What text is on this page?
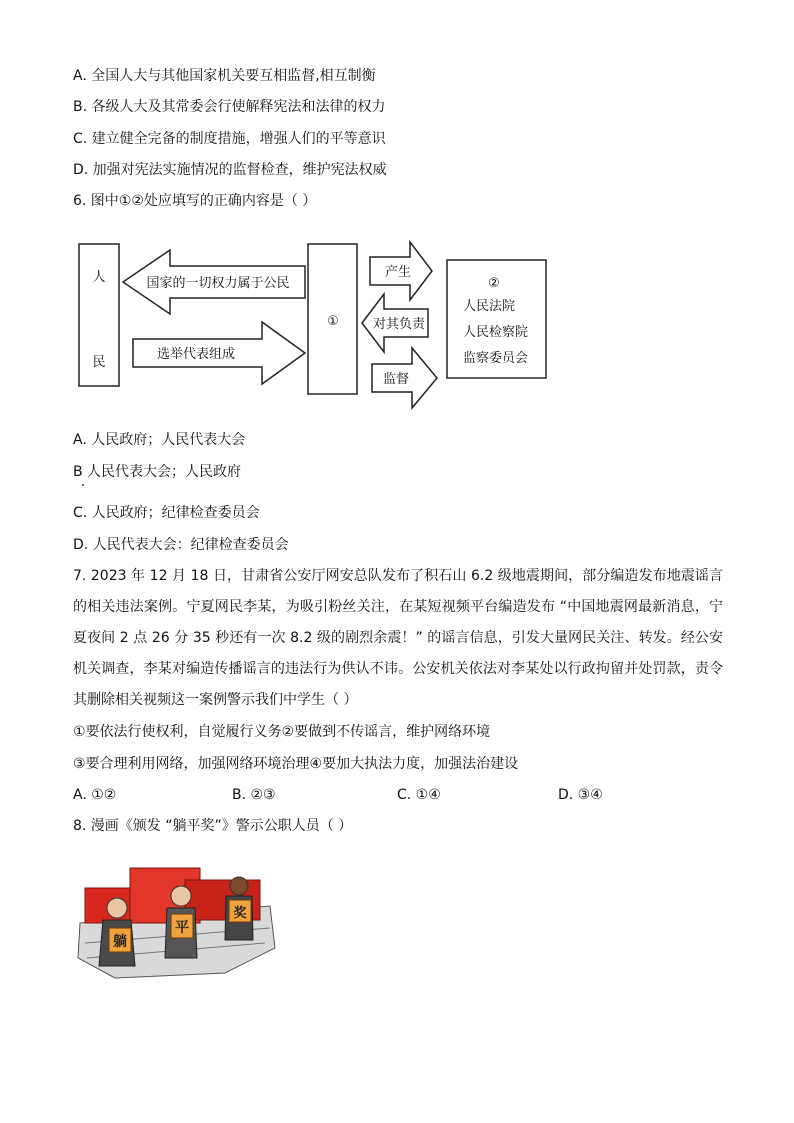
A. 全国人大与其他国家机关要互相监督,相互制衡
B. 各级人大及其常委会行使解释宪法和法律的权力
C. 建立健全完备的制度措施，增强人们的平等意识
D. 加强对宪法实施情况的监督检查，维护宪法权威
6. 图中①②处应填写的正确内容是（ ）
人
民
国家的一切权力属于公民
选举代表组成
①
产生
对其负责
监督
②
人民法院
人民检察院
监察委员会
A. 人民政府；人民代表大会
B 人民代表大会；人民政府
C. 人民政府；纪律检查委员会
D. 人民代表大会：纪律检查委员会
7. 2023 年 12 月 18 日，甘肃省公安厅网安总队发布了积石山 6.2 级地震期间，部分编造发布地震谣言的相关违法案例。宁夏网民李某，为吸引粉丝关注，在某短视频平台编造发布 “中国地震网最新消息，宁夏夜间 2 点 26 分 35 秒还有一次 8.2 级的剧烈余震！” 的谣言信息，引发大量网民关注、转发。经公安机关调查，李某对编造传播谣言的违法行为供认不讳。公安机关依法对李某处以行政拘留并处罚款，责令其删除相关视频这一案例警示我们中学生（ ）
①要依法行使权利，自觉履行义务②要做到不传谣言，维护网络环境
③要合理利用网络，加强网络环境治理④要加大执法力度，加强法治建设
A. ①②	B. ②③	C. ①④	D. ③④
8. 漫画《颁发 “躺平奖”》警示公职人员（ ）
躺
平
奖
